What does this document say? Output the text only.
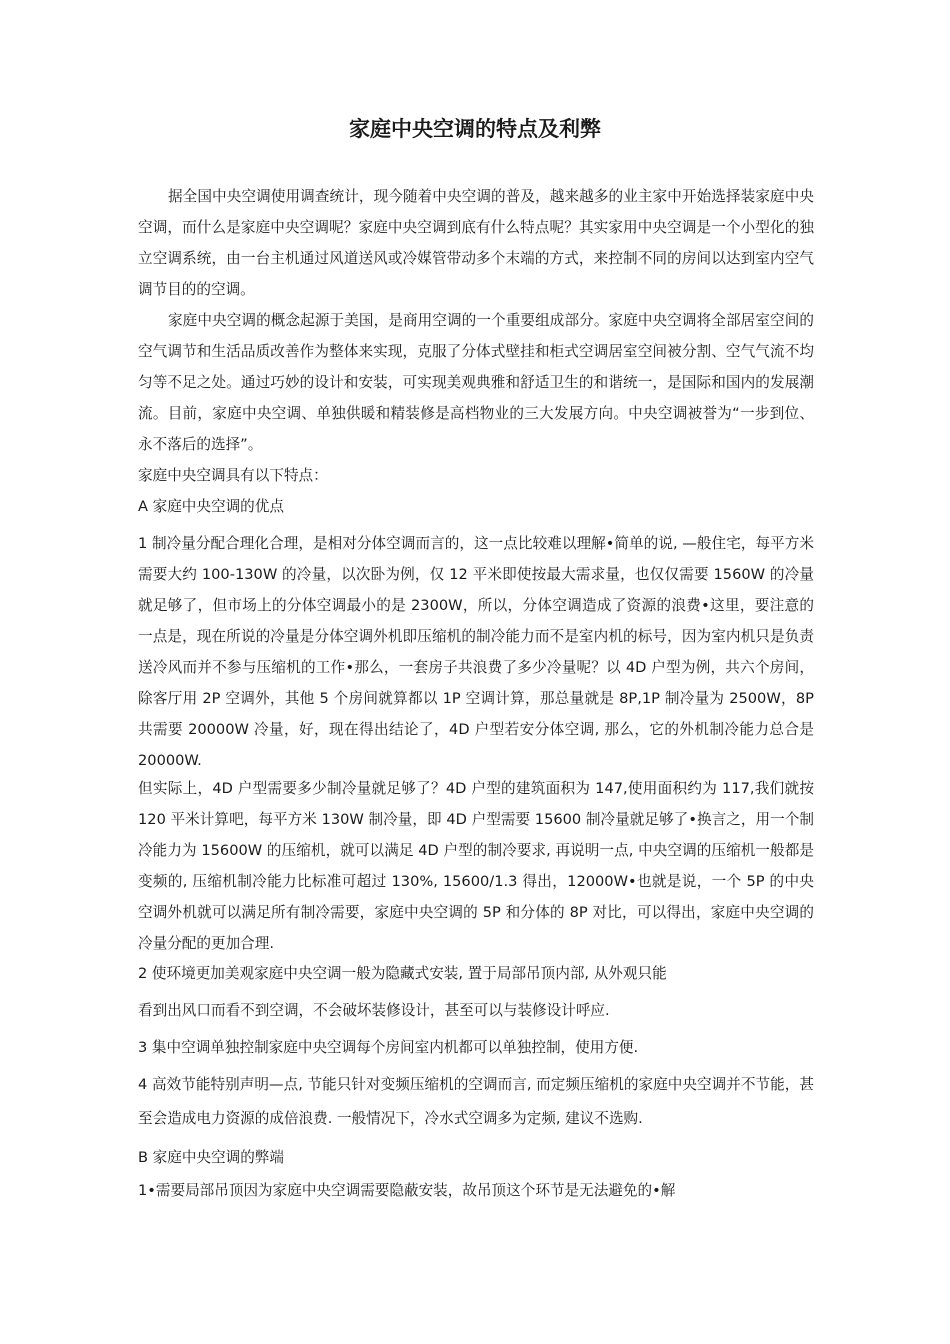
家庭中央空调的特点及利弊

据全国中央空调使用调查统计，现今随着中央空调的普及，越来越多的业主家中开始选择装家庭中央空调，而什么是家庭中央空调呢？家庭中央空调到底有什么特点呢？其实家用中央空调是一个小型化的独立空调系统，由一台主机通过风道送风或冷媒管带动多个末端的方式，来控制不同的房间以达到室内空气调节目的的空调。

家庭中央空调的概念起源于美国，是商用空调的一个重要组成部分。家庭中央空调将全部居室空间的空气调节和生活品质改善作为整体来实现，克服了分体式壁挂和柜式空调居室空间被分割、空气气流不均匀等不足之处。通过巧妙的设计和安装，可实现美观典雅和舒适卫生的和谐统一，是国际和国内的发展潮流。目前，家庭中央空调、单独供暖和精装修是高档物业的三大发展方向。中央空调被誉为“一步到位、永不落后的选择”。

家庭中央空调具有以下特点：

A 家庭中央空调的优点

1 制冷量分配合理化合理，是相对分体空调而言的，这一点比较难以理解•简单的说, —般住宅，每平方米需要大约 100-130W 的冷量，以次卧为例，仅 12 平米即使按最大需求量，也仅仅需要 1560W 的冷量就足够了，但市场上的分体空调最小的是 2300W，所以，分体空调造成了资源的浪费•这里，要注意的一点是，现在所说的冷量是分体空调外机即压缩机的制冷能力而不是室内机的标号，因为室内机只是负责送冷风而并不参与压缩机的工作•那么，一套房子共浪费了多少冷量呢？以 4D 户型为例，共六个房间，除客厅用 2P 空调外，其他 5 个房间就算都以 1P 空调计算，那总量就是 8P,1P 制冷量为 2500W，8P 共需要 20000W 冷量，好，现在得出结论了，4D 户型若安分体空调, 那么，它的外机制冷能力总合是 20000W.

但实际上，4D 户型需要多少制冷量就足够了？4D 户型的建筑面积为 147,使用面积约为 117,我们就按 120 平米计算吧，每平方米 130W 制冷量，即 4D 户型需要 15600 制冷量就足够了•换言之，用一个制冷能力为 15600W 的压缩机，就可以满足 4D 户型的制冷要求, 再说明一点, 中央空调的压缩机一般都是变频的, 压缩机制冷能力比标准可超过 130%, 15600/1.3 得出，12000W•也就是说，一个 5P 的中央空调外机就可以满足所有制冷需要，家庭中央空调的 5P 和分体的 8P 对比，可以得出，家庭中央空调的冷量分配的更加合理.

2 使环境更加美观家庭中央空调一般为隐藏式安装, 置于局部吊顶内部, 从外观只能

看到出风口而看不到空调，不会破坏装修设计，甚至可以与装修设计呼应.

3 集中空调单独控制家庭中央空调每个房间室内机都可以单独控制，使用方便.

4 高效节能特别声明—点, 节能只针对变频压缩机的空调而言, 而定频压缩机的家庭中央空调并不节能，甚至会造成电力资源的成倍浪费. 一般情况下，冷水式空调多为定频, 建议不选购.

B 家庭中央空调的弊端

1•需要局部吊顶因为家庭中央空调需要隐蔽安装，故吊顶这个环节是无法避免的•解
